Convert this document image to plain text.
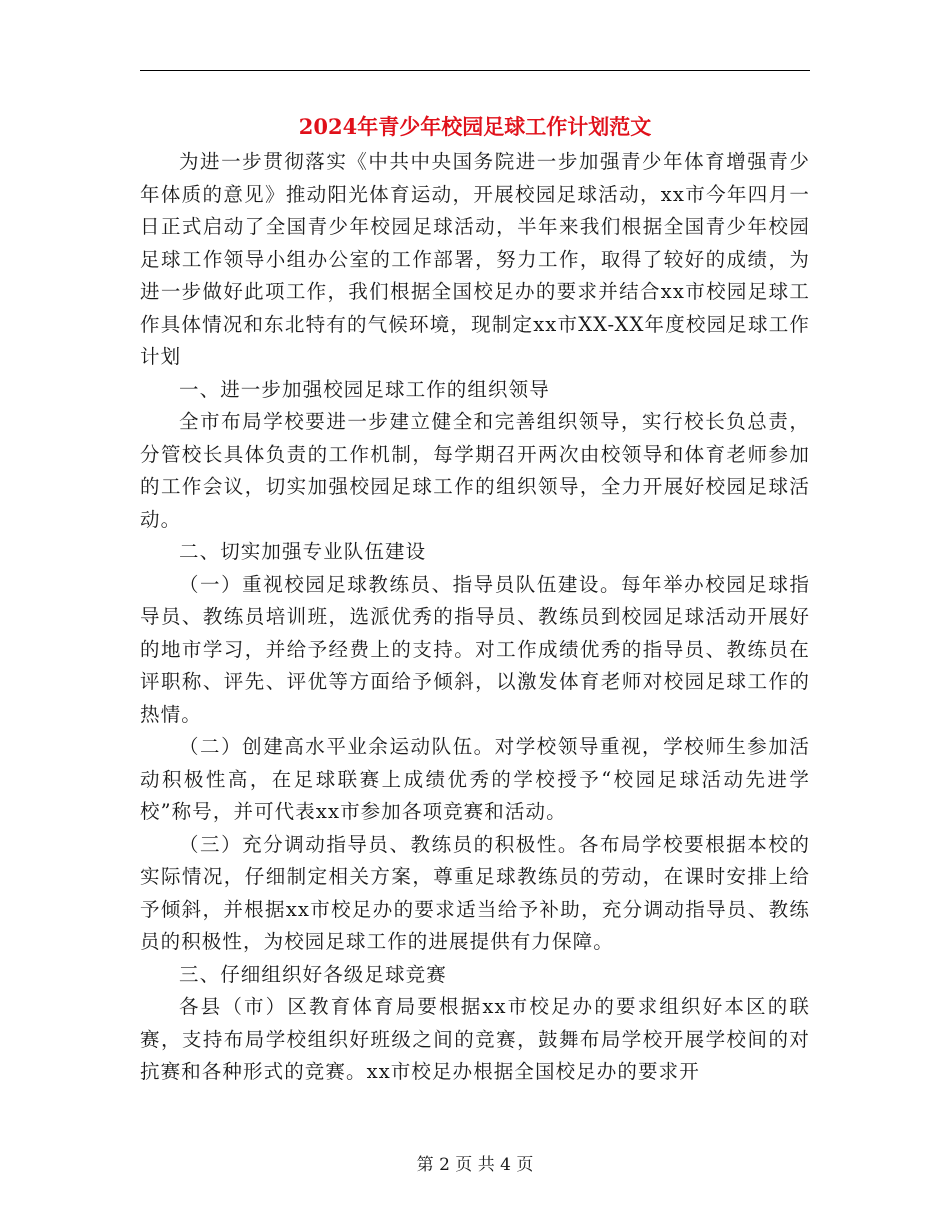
2024年青少年校园足球工作计划范文

为进一步贯彻落实《中共中央国务院进一步加强青少年体育增强青少年体质的意见》推动阳光体育运动，开展校园足球活动，xx市今年四月一日正式启动了全国青少年校园足球活动，半年来我们根据全国青少年校园足球工作领导小组办公室的工作部署，努力工作，取得了较好的成绩，为进一步做好此项工作，我们根据全国校足办的要求并结合xx市校园足球工作具体情况和东北特有的气候环境，现制定xx市XX-XX年度校园足球工作计划

一、进一步加强校园足球工作的组织领导

全市布局学校要进一步建立健全和完善组织领导，实行校长负总责，分管校长具体负责的工作机制，每学期召开两次由校领导和体育老师参加的工作会议，切实加强校园足球工作的组织领导，全力开展好校园足球活动。

二、切实加强专业队伍建设

（一）重视校园足球教练员、指导员队伍建设。每年举办校园足球指导员、教练员培训班，选派优秀的指导员、教练员到校园足球活动开展好的地市学习，并给予经费上的支持。对工作成绩优秀的指导员、教练员在评职称、评先、评优等方面给予倾斜，以激发体育老师对校园足球工作的热情。

（二）创建高水平业余运动队伍。对学校领导重视，学校师生参加活动积极性高，在足球联赛上成绩优秀的学校授予“校园足球活动先进学校”称号，并可代表xx市参加各项竞赛和活动。

（三）充分调动指导员、教练员的积极性。各布局学校要根据本校的实际情况，仔细制定相关方案，尊重足球教练员的劳动，在课时安排上给予倾斜，并根据xx市校足办的要求适当给予补助，充分调动指导员、教练员的积极性，为校园足球工作的进展提供有力保障。

三、仔细组织好各级足球竞赛

各县（市）区教育体育局要根据xx市校足办的要求组织好本区的联赛，支持布局学校组织好班级之间的竞赛，鼓舞布局学校开展学校间的对抗赛和各种形式的竞赛。xx市校足办根据全国校足办的要求开

第 2 页 共 4 页
